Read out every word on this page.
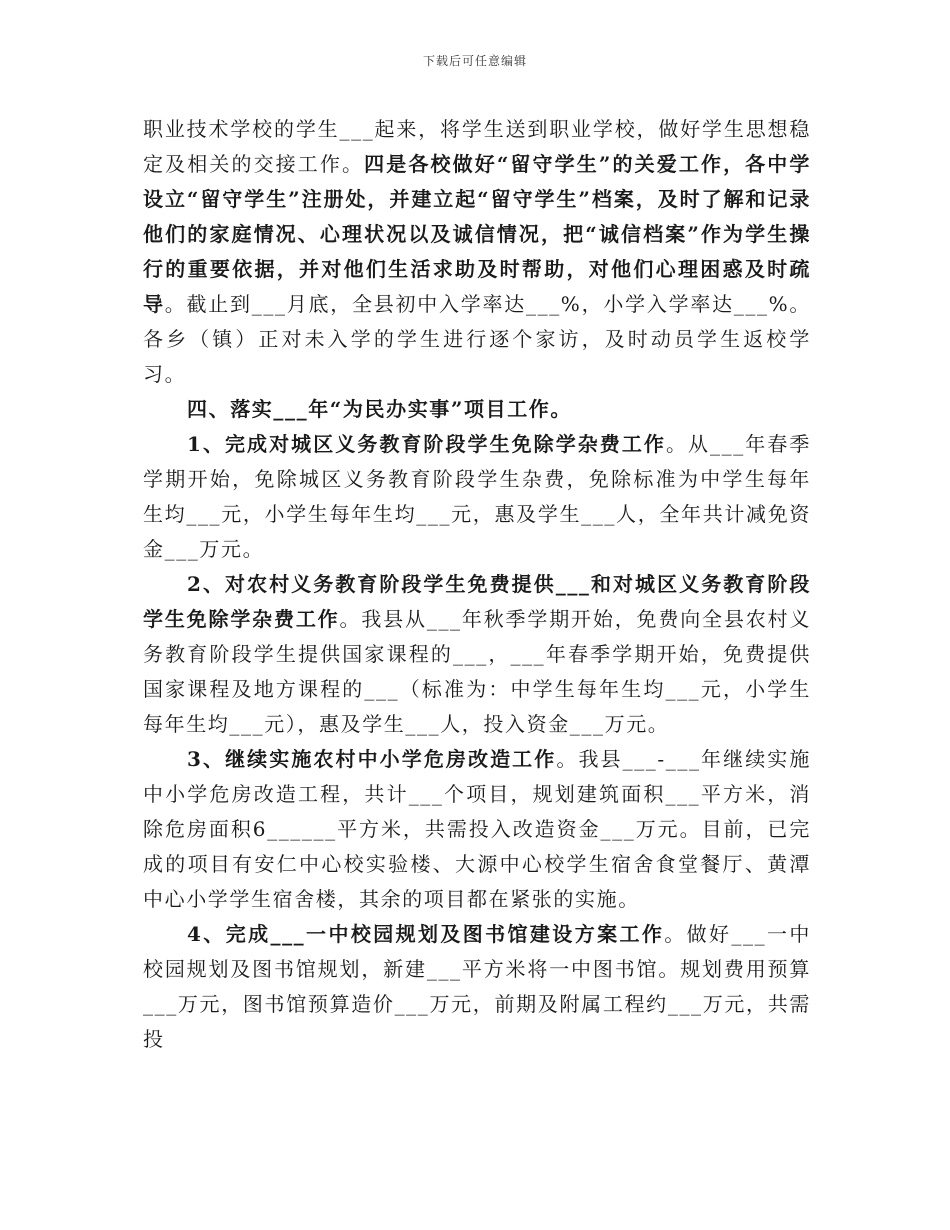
下载后可任意编辑

职业技术学校的学生___起来，将学生送到职业学校，做好学生思想稳定及相关的交接工作。四是各校做好“留守学生”的关爱工作，各中学设立“留守学生”注册处，并建立起“留守学生”档案，及时了解和记录他们的家庭情况、心理状况以及诚信情况，把“诚信档案”作为学生操行的重要依据，并对他们生活求助及时帮助，对他们心理困惑及时疏导。截止到___月底，全县初中入学率达___%，小学入学率达___%。各乡（镇）正对未入学的学生进行逐个家访，及时动员学生返校学习。

四、落实___年“为民办实事”项目工作。

1、完成对城区义务教育阶段学生免除学杂费工作。从___年春季学期开始，免除城区义务教育阶段学生杂费，免除标准为中学生每年生均___元，小学生每年生均___元，惠及学生___人，全年共计减免资金___万元。

2、对农村义务教育阶段学生免费提供___和对城区义务教育阶段学生免除学杂费工作。我县从___年秋季学期开始，免费向全县农村义务教育阶段学生提供国家课程的___，___年春季学期开始，免费提供国家课程及地方课程的___（标准为：中学生每年生均___元，小学生每年生均___元），惠及学生___人，投入资金___万元。

3、继续实施农村中小学危房改造工作。我县___-___年继续实施中小学危房改造工程，共计___个项目，规划建筑面积___平方米，消除危房面积6______平方米，共需投入改造资金___万元。目前，已完成的项目有安仁中心校实验楼、大源中心校学生宿舍食堂餐厅、黄潭中心小学学生宿舍楼，其余的项目都在紧张的实施。

4、完成___一中校园规划及图书馆建设方案工作。做好___一中校园规划及图书馆规划，新建___平方米将一中图书馆。规划费用预算___万元，图书馆预算造价___万元，前期及附属工程约___万元，共需投
